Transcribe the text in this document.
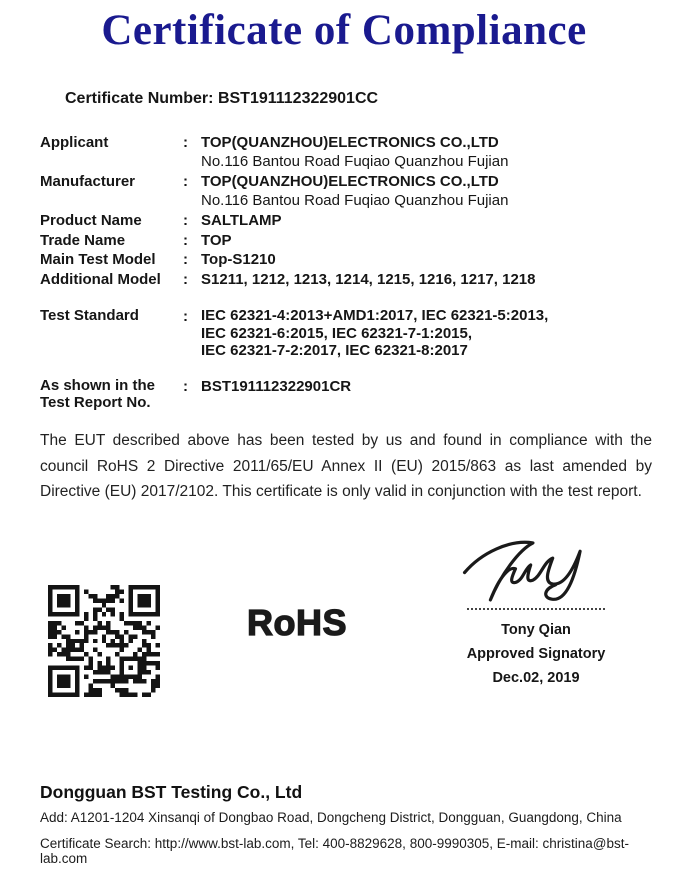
Certificate of Compliance
Certificate Number: BST191112322901CC
Applicant	: TOP(QUANZHOU)ELECTRONICS CO.,LTD
No.116 Bantou Road Fuqiao Quanzhou Fujian
Manufacturer	: TOP(QUANZHOU)ELECTRONICS CO.,LTD
No.116 Bantou Road Fuqiao Quanzhou Fujian
Product Name	: SALTLAMP
Trade Name	: TOP
Main Test Model	: Top-S1210
Additional Model	: S1211, 1212, 1213, 1214, 1215, 1216, 1217, 1218
Test Standard	: IEC 62321-4:2013+AMD1:2017, IEC 62321-5:2013,
IEC 62321-6:2015, IEC 62321-7-1:2015,
IEC 62321-7-2:2017, IEC 62321-8:2017
As shown in the
Test Report No.
: BST191112322901CR

The EUT described above has been tested by us and found in compliance with the council RoHS 2 Directive 2011/65/EU Annex II (EU) 2015/863 as last amended by Directive (EU) 2017/2102. This certificate is only valid in conjunction with the test report.

RoHS	Tony Qian
Approved Signatory
Dec.02, 2019
Dongguan BST Testing Co., Ltd
Add: A1201-1204 Xinsanqi of Dongbao Road, Dongcheng District, Dongguan, Guangdong, China
Certificate Search: http://www.bst-lab.com, Tel: 400-8829628, 800-9990305, E-mail: christina@bst-lab.com
